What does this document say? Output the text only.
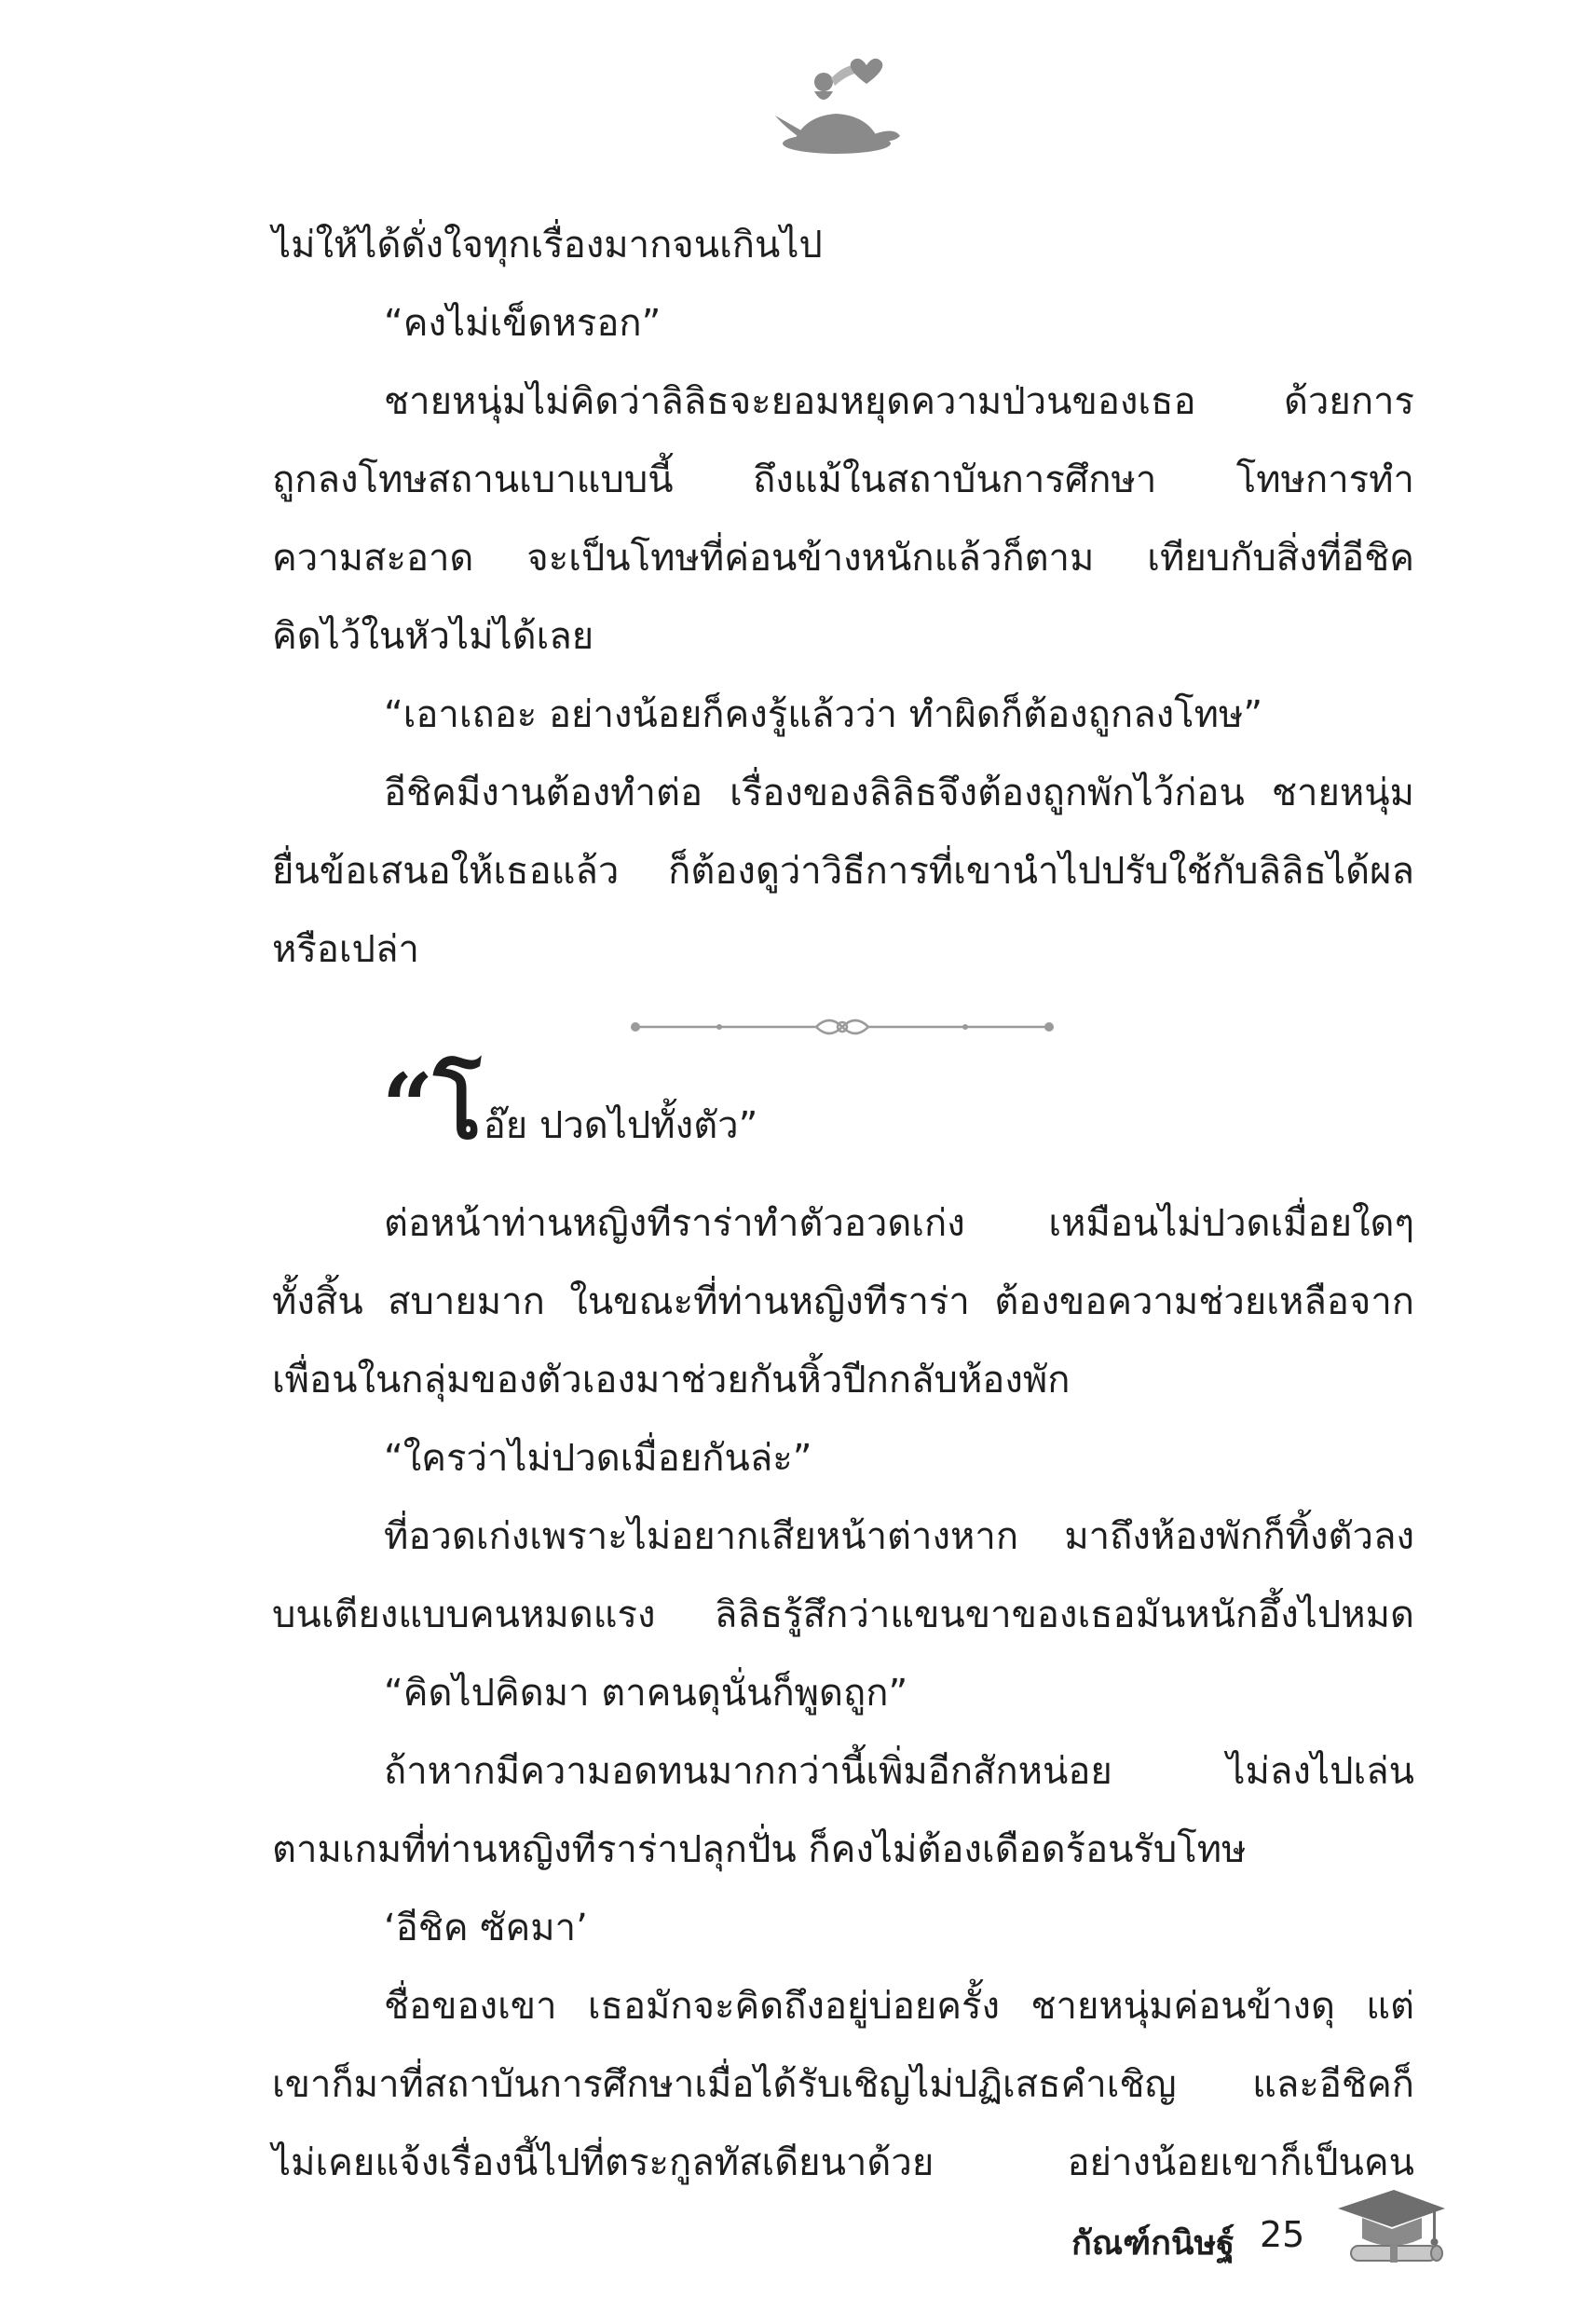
ไม่ให้ได้ดั่งใจทุกเรื่องมากจนเกินไป
“คงไม่เข็ดหรอก”
ชายหนุ่มไม่คิดว่าลิลิธจะยอมหยุดความป่วนของเธอ ด้วยการ
ถูกลงโทษสถานเบาแบบนี้ ถึงแม้ในสถาบันการศึกษา โทษการทำ
ความสะอาด จะเป็นโทษที่ค่อนข้างหนักแล้วก็ตาม เทียบกับสิ่งที่อีชิค
คิดไว้ในหัวไม่ได้เลย
“เอาเถอะ อย่างน้อยก็คงรู้แล้วว่า ทำผิดก็ต้องถูกลงโทษ”
อีชิคมีงานต้องทำต่อ เรื่องของลิลิธจึงต้องถูกพักไว้ก่อน ชายหนุ่ม
ยื่นข้อเสนอให้เธอแล้ว ก็ต้องดูว่าวิธีการที่เขานำไปปรับใช้กับลิลิธได้ผล
หรือเปล่า
“โอ๊ย ปวดไปทั้งตัว”
ต่อหน้าท่านหญิงทีราร่าทำตัวอวดเก่ง เหมือนไม่ปวดเมื่อยใดๆ
ทั้งสิ้น สบายมาก ในขณะที่ท่านหญิงทีราร่า ต้องขอความช่วยเหลือจาก
เพื่อนในกลุ่มของตัวเองมาช่วยกันหิ้วปีกกลับห้องพัก
“ใครว่าไม่ปวดเมื่อยกันล่ะ”
ที่อวดเก่งเพราะไม่อยากเสียหน้าต่างหาก มาถึงห้องพักก็ทิ้งตัวลง
บนเตียงแบบคนหมดแรง ลิลิธรู้สึกว่าแขนขาของเธอมันหนักอึ้งไปหมด
“คิดไปคิดมา ตาคนดุนั่นก็พูดถูก”
ถ้าหากมีความอดทนมากกว่านี้เพิ่มอีกสักหน่อย ไม่ลงไปเล่น
ตามเกมที่ท่านหญิงทีราร่าปลุกปั่น ก็คงไม่ต้องเดือดร้อนรับโทษ
‘อีชิค ซัคมา’
ชื่อของเขา เธอมักจะคิดถึงอยู่บ่อยครั้ง ชายหนุ่มค่อนข้างดุ แต่
เขาก็มาที่สถาบันการศึกษาเมื่อได้รับเชิญไม่ปฏิเสธคำเชิญ และอีชิคก็
ไม่เคยแจ้งเรื่องนี้ไปที่ตระกูลทัสเดียนาด้วย อย่างน้อยเขาก็เป็นคน
กัณฑ์กนิษฐ์ 25
